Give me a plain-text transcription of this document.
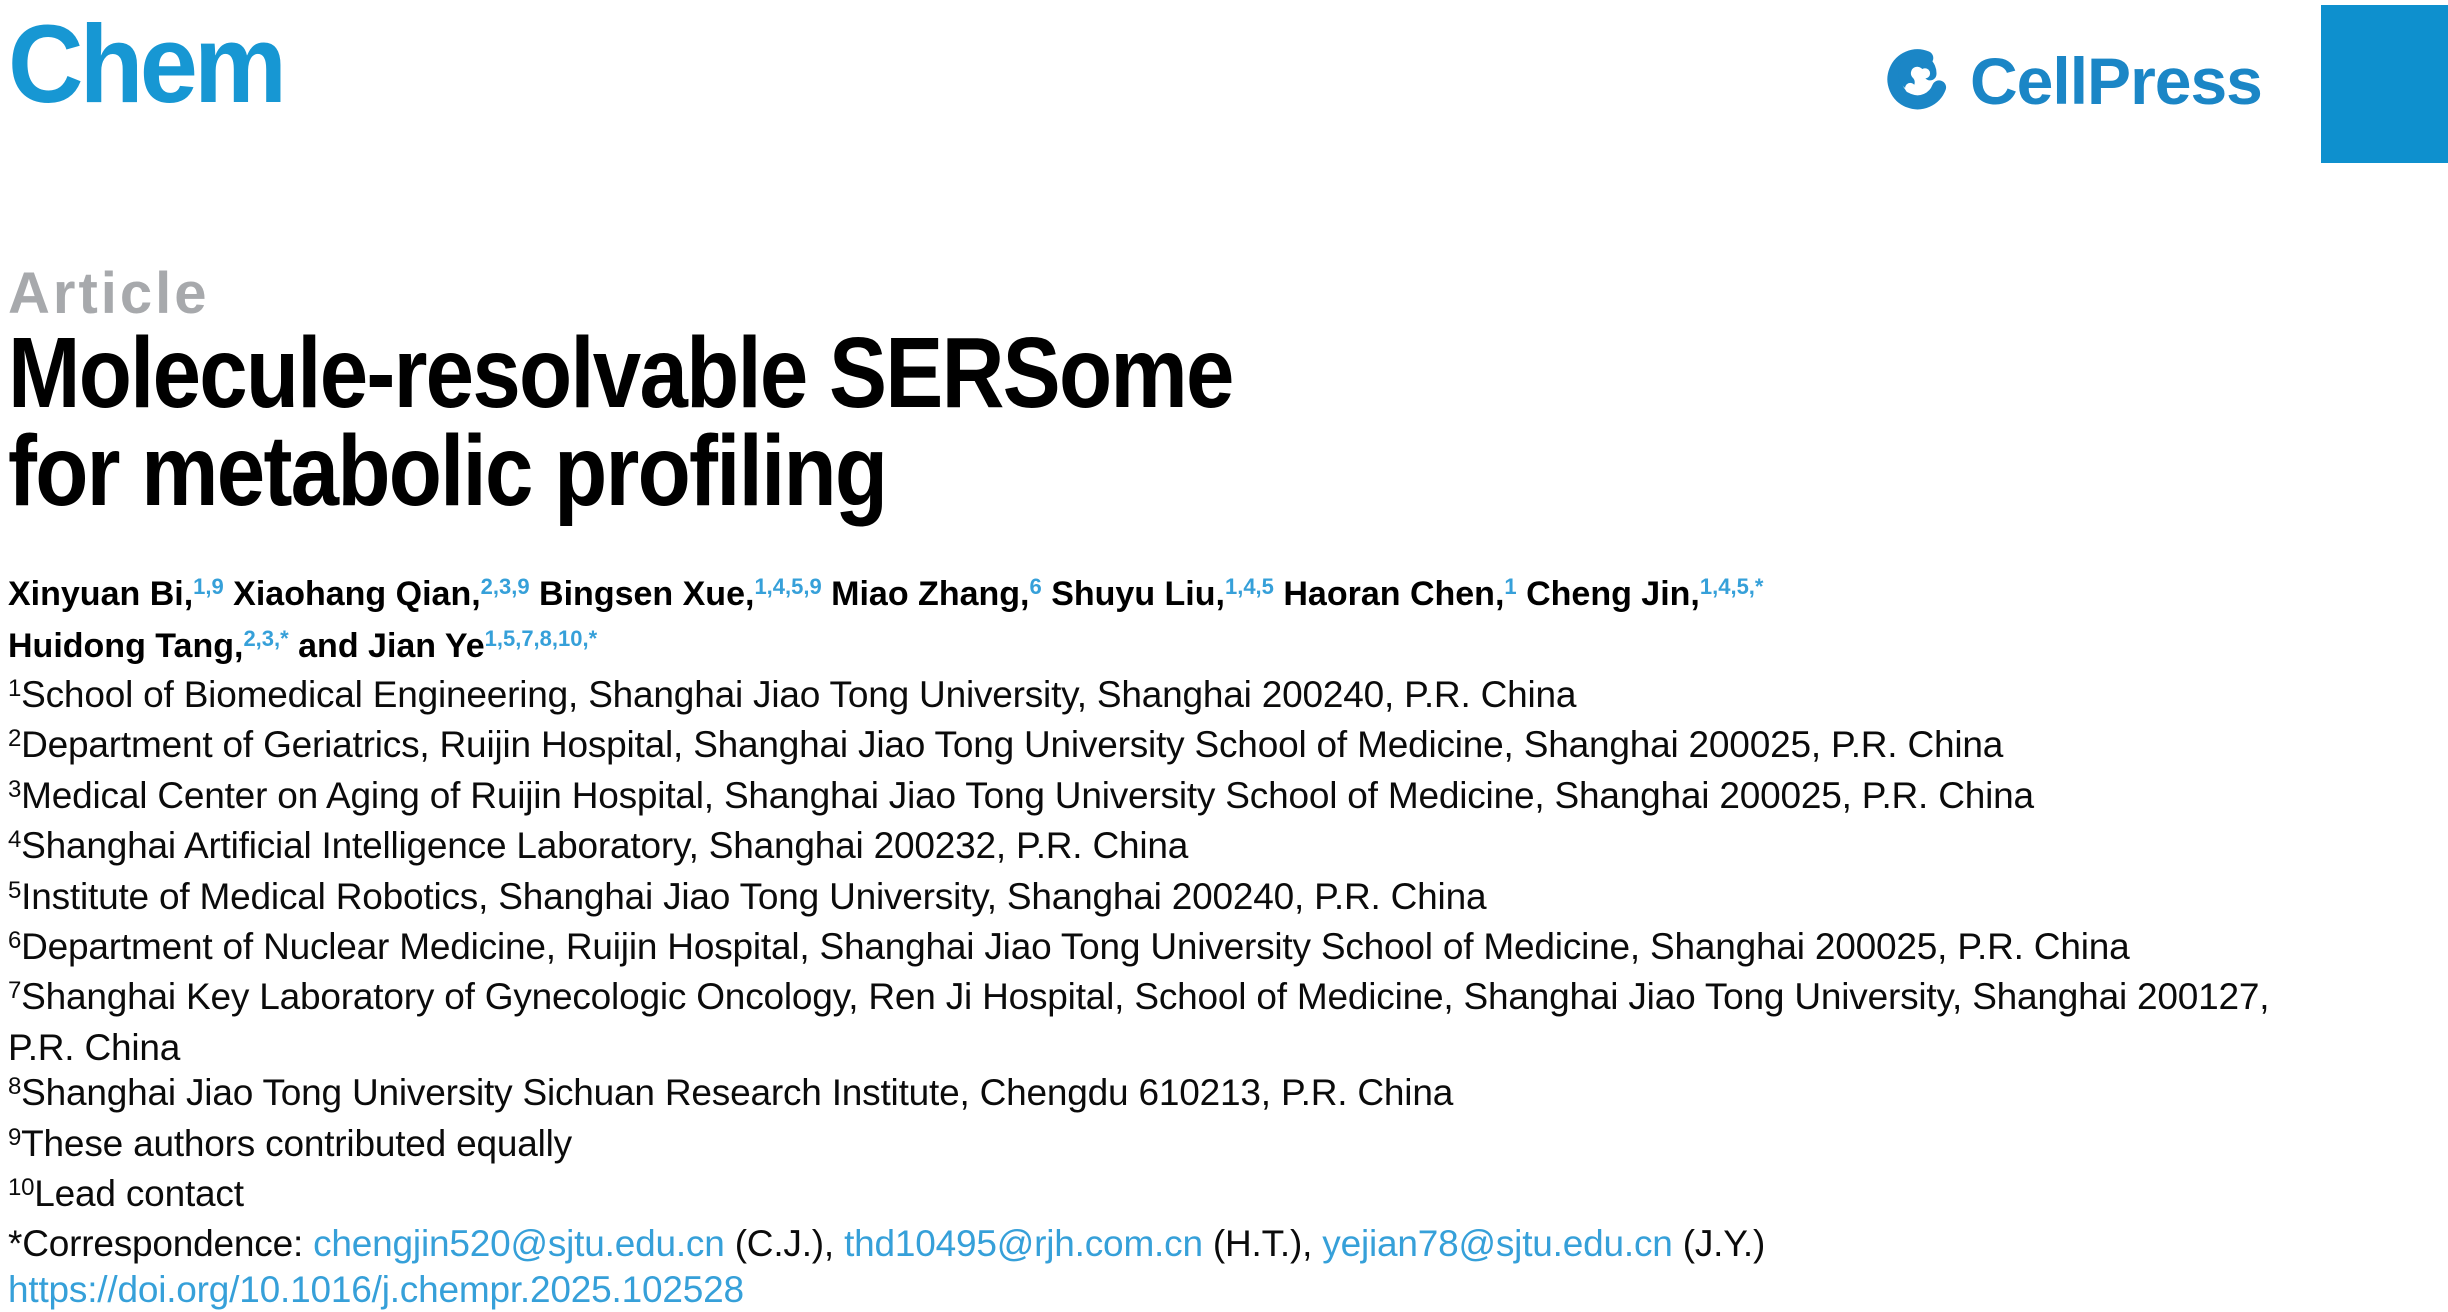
Chem	CellPress
Article
Molecule-resolvable SERSome
for metabolic profiling
Xinyuan Bi,$^{1,9}$ Xiaohang Qian,$^{2,3,9}$ Bingsen Xue,$^{1,4,5,9}$ Miao Zhang,$^6$ Shuyu Liu,$^{1,4,5}$ Haoran Chen,$^1$ Cheng Jin,$^{1,4,5,*}$
Huidong Tang,$^{2,3,*}$ and Jian $Ye^{1,5,7,8,10,*}$
$^1$School of Biomedical Engineering, Shanghai Jiao Tong University, Shanghai 200240, P.R. China
$^2$Department of Geriatrics, Ruijin Hospital, Shanghai Jiao Tong University School of Medicine, Shanghai 200025, P.R. China
$^3$Medical Center on Aging of Ruijin Hospital, Shanghai Jiao Tong University School of Medicine, Shanghai 200025, P.R. China
$^4$Shanghai Artificial Intelligence Laboratory, Shanghai 200232, P.R. China
$^5$Institute of Medical Robotics, Shanghai Jiao Tong University, Shanghai 200240, P.R. China
$^6$Department of Nuclear Medicine, Ruijin Hospital, Shanghai Jiao Tong University School of Medicine, Shanghai 200025, P.R. China
$^7$Shanghai Key Laboratory of Gynecologic Oncology, Ren Ji Hospital, School of Medicine, Shanghai Jiao Tong University, Shanghai 200127,
P.R. China
$^8$Shanghai Jiao Tong University Sichuan Research Institute, Chengdu 610213, P.R. China
$^9$These authors contributed equally
$^{10}$Lead contact
*Correspondence: chengjin520@sjtu.edu.cn (C.J.), thd10495@rjh.com.cn (H.T.), yejian78@sjtu.edu.cn (J.Y.)
https://doi.org/10.1016/j.chempr.2025.102528
